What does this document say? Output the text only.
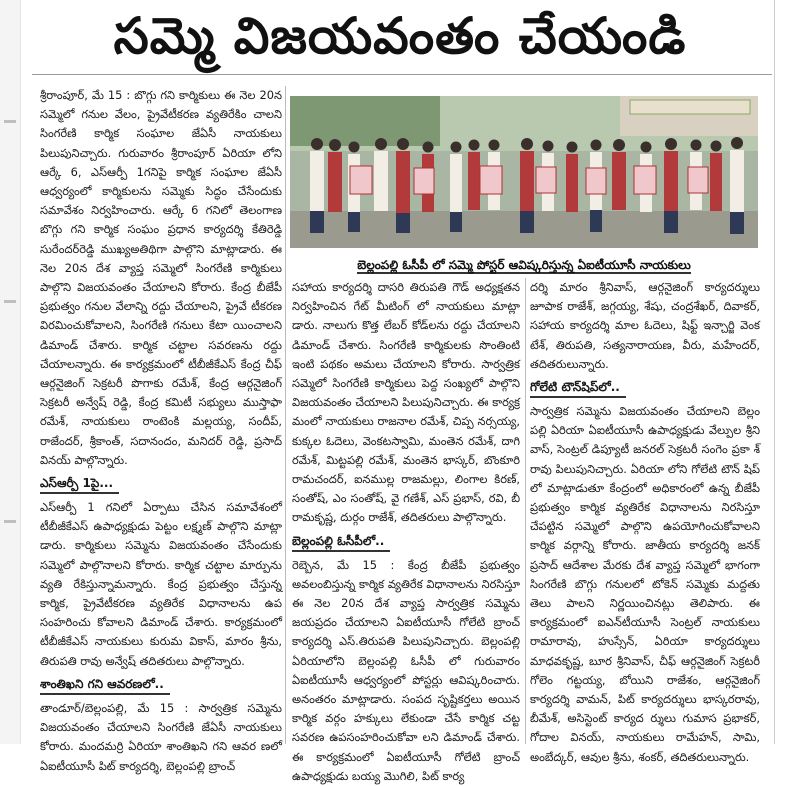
సమ్మె విజయవంతం చేయండి

శ్రీరాంపూర్, మే 15 : బొగ్గు గని కార్మికులు ఈ నెల 20న సమ్మెలో గనుల వేలం, ప్రైవేటీకరణ వ్యతిరేకిం చాలని సింగరేణి కార్మిక సంఘాల జేఏసీ నాయకులు పిలుపునిచ్చారు. గురువారం శ్రీరాంపూర్ ఏరియా లోని ఆర్కే 6, ఎస్ఆర్పీ 1గనిపై కార్మిక సంఘాల జేఏసీ ఆధ్వర్యంలో కార్మికులను సమ్మెకు సిద్ధం చేసేందుకు సమావేశం నిర్వహించారు. ఆర్కే 6 గనిలో తెలంగాణ బొగ్గు గని కార్మిక సంఘం ప్రధాన కార్యదర్శి కేతిరెడ్డి సురేందర్‌రెడ్డి ముఖ్యఅతిథిగా పాల్గొని మాట్లాడారు. ఈ నెల 20న దేశ వ్యాప్త సమ్మెలో సింగరేణి కార్మికులు పాల్గొని విజయవంతం చేయాలని కోరారు. కేంద్ర బీజేపీ ప్రభుత్వం గనుల వేలాన్ని రద్దు చేయాలని, ప్రైవే టీకరణ విరమించుకోవాలని, సింగరేణి గనులు కేటా యించాలని డిమాండ్ చేశారు. కార్మిక చట్టాల సవరణను రద్దు చేయాలన్నారు. ఈ కార్యక్రమంలో టీబీజీకేఎస్ కేంద్ర చీఫ్ ఆర్గనైజింగ్ సెక్రటరీ పొగాకు రమేశ్, కేంద్ర ఆర్గనైజింగ్ సెక్రటరీ అన్వేష్ రెడ్డి, కేంద్ర కమిటీ సభ్యులు ముస్తాఫా రమేశ్, నాయకులు రాంటెంకి మల్లయ్య, సందీప్, రాజేందర్, శ్రీకాంత్, సదానందం, మనిదర్ రెడ్డి, ప్రసాద్ వినయ్ పాల్గొన్నారు.

ఎస్ఆర్పీ 1పై...

ఎస్ఆర్పీ 1 గనిలో ఏర్పాటు చేసిన సమావేశంలో టీబీజీకేఎస్ ఉపాధ్యక్షుడు పెట్టం లక్ష్మణ్ పాల్గొని మాట్లా డారు. కార్మికులు సమ్మెను విజయవంతం చేసేందుకు సమ్మెలో పాల్గొనాలని కోరారు. కార్మిక చట్టాల మార్పును వ్యతి రేకిస్తున్నామన్నారు. కేంద్ర ప్రభుత్వం చేస్తున్న కార్మిక, ప్రైవేటీకరణ వ్యతిరేక విధానాలను ఉప సంహరించు కోవాలని డిమాండ్ చేశారు. కార్యక్రమంలో టీబీజీకేఎస్ నాయకులు కురుమ వికాస్, మారం శ్రీను, తిరుపతి రావు అన్వేష్ తదితరులు పాల్గొన్నారు.

శాంతిఖని గని ఆవరణలో..

తాండూర్/బెల్లంపల్లి, మే 15 : సార్వత్రిక సమ్మెను విజయవంతం చేయాలని సింగరేణి జేఏసీ నాయకులు కోరారు. మందమర్రి ఏరియా శాంతిఖని గని ఆవర ణలో ఏఐటీయూసీ పిట్ కార్యదర్శి, బెల్లంపల్లి బ్రాంచ్

బెల్లంపల్లి ఓసీపీ లో సమ్మె పోస్టర్ ఆవిష్కరిస్తున్న ఏఐటీయూసీ నాయకులు

సహాయ కార్యదర్శి దాసరి తిరుపతి గౌడ్ అధ్యక్షతన నిర్వహించిన గేట్ మీటింగ్ లో నాయకులు మాట్లా డారు. నాలుగు కొత్త లేబర్ కోడ్‌లను రద్దు చేయాలని డిమాండ్ చేశారు. సింగరేణి కార్మికులకు సొంతింటి ఇంటి పథకం అమలు చేయాలని కోరారు. సార్వత్రిక సమ్మెలో సింగరేణి కార్మికులు పెద్ద సంఖ్యలో పాల్గొని విజయవంతం చేయాలని పిలుపునిచ్చారు. ఈ కార్యక్ర మంలో నాయకులు రాజనాల రమేశ్, చిప్ప నర్సయ్య, కుక్కల ఓదెలు, వెంకటస్వామి, మంతెన రమేశ్, దాగి రమేశ్, మిట్టపల్లి రమేశ్, మంతెన భాస్కర్, బొంకూరి రామచందర్, ఐనముల్ల రాజమల్లు, లింగాల కిరణ్, సంతోష్, ఎం సంతోష్, వై గణేశ్, ఎస్ ప్రభాస్, రవి, బీ రామకృష్ణ, దుర్గం రాజేశ్, తదితరులు పాల్గొన్నారు.

బెల్లంపల్లి ఓసీపీలో..

రెబ్బెన, మే 15 : కేంద్ర బీజేపీ ప్రభుత్వం అవలంబిస్తున్న కార్మిక వ్యతిరేక విధానాలను నిరసిస్తూ ఈ నెల 20న దేశ వ్యాప్త సార్వత్రిక సమ్మెను జయప్రదం చేయాలని ఏఐటీయూసీ గోలేటి బ్రాంచ్ కార్యదర్శి ఎస్.తిరుపతి పిలుపునిచ్చారు. బెల్లంపల్లి ఏరియాలోని బెల్లంపల్లి ఓసీపీ లో గురువారం ఏఐటీయూసీ ఆధ్వర్యంలో పోస్టర్లు ఆవిష్కరించారు. అనంతరం మాట్లాడారు. సంపద సృష్టికర్తలు అయిన కార్మిక వర్గం హక్కులు లేకుండా చేసే కార్మిక చట్ట సవరణ ఉపసంహరించుకోవా లని డిమాండ్ చేశారు. ఈ కార్యక్రమంలో ఏఐటీయూసీ గోలేటి బ్రాంచ్ ఉపాధ్యక్షుడు బయ్య మొగిలి, పిట్ కార్య

దర్శి మారం శ్రీనివాస్, ఆర్గనైజింగ్ కార్యదర్శులు జూపాక రాజేశ్, జగ్గయ్య, శేషు, చంద్రశేఖర్, దివాకర్, సహాయ కార్యదర్శి మాల ఓదెలు, షిఫ్ట్ ఇన్చార్జి వెంక టేశ్, తిరుపతి, సత్యనారాయణ, వీరు, మహేందర్, తదితరులున్నారు.

గోలేటి టౌన్‌షిప్‌లో..

సార్వత్రిక సమ్మెను విజయవంతం చేయాలని బెల్లం పల్లి ఏరియా ఏఐటీయూసీ ఉపాధ్యక్షుడు వేల్పుల శ్రీని వాస్, సెంట్రల్ డిప్యూటీ జనరల్ సెక్రటరీ సంగెం ప్రకా శ్ రావు పిలుపునిచ్చారు. ఏరియా లోని గోలేటి టౌన్ షిప్ లో మాట్లాడుతూ కేంద్రంలో అధికారంలో ఉన్న బీజేపీ ప్రభుత్వం కార్మిక వ్యతిరేక విధానాలను నిరసిస్తూ చేపట్టిన సమ్మెలో పాల్గొని ఉపయోగించుకోవాలని కార్మిక వర్గాన్ని కోరారు. జాతీయ కార్యదర్శి జనక్ ప్రసాద్ ఆదేశాల మేరకు దేశ వ్యాప్త సమ్మెలో భాగంగా సింగరేణి బొగ్గు గనులలో టోకెన్ సమ్మెకు మద్దతు తెలు పాలని నిర్ణయించినట్లు తెలిపారు. ఈ కార్యక్రమంలో ఐఎన్‌టీయూసీ సెంట్రల్ నాయకులు రామారావు, హుస్సేన్, ఏరియా కార్యదర్శులు మాధవకృష్ణ, బూర శ్రీనివాస్, చీఫ్ ఆర్గనైజింగ్ సెక్రటరీ గోలెం గట్టయ్య, బోయిని రాజేశం, ఆర్గనైజింగ్ కార్యదర్శి వామన్, పిట్ కార్యదర్శులు భాస్కరరావు, బీమేశ్, అసిస్టెంట్ కార్యద ర్శులు గుమాస ప్రభాకర్, గోదాల వినయ్, నాయకులు రామేహన్, సామి, అంబేద్కర్, ఆవుల శ్రీను, శంకర్, తదితరులున్నారు.
